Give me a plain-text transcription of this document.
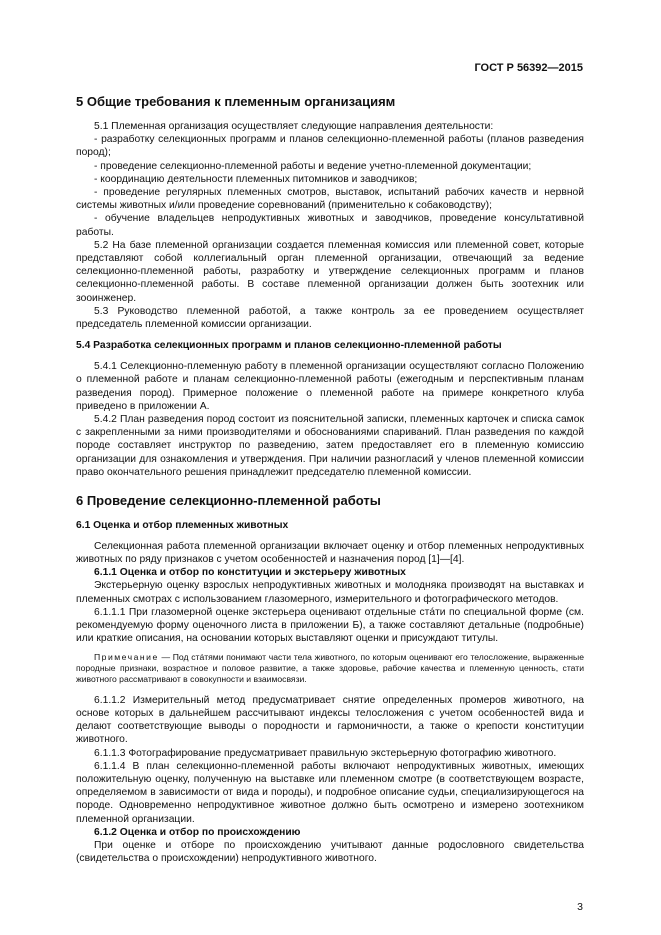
ГОСТ Р 56392—2015
5 Общие требования к племенным организациям

5.1 Племенная организация осуществляет следующие направления деятельности:

- разработку селекционных программ и планов селекционно-племенной работы (планов разведения пород);

- проведение селекционно-племенной работы и ведение учетно-племенной документации;

- координацию деятельности племенных питомников и заводчиков;

- проведение регулярных племенных смотров, выставок, испытаний рабочих качеств и нервной системы животных и/или проведение соревнований (применительно к собаководству);

- обучение владельцев непродуктивных животных и заводчиков, проведение консультативной работы.

5.2 На базе племенной организации создается племенная комиссия или племенной совет, которые представляют собой коллегиальный орган племенной организации, отвечающий за ведение селекционно-племенной работы, разработку и утверждение селекционных программ и планов селекционно-племенной работы. В составе племенной организации должен быть зоотехник или зооинженер.

5.3 Руководство племенной работой, а также контроль за ее проведением осуществляет председатель племенной комиссии организации.

5.4 Разработка селекционных программ и планов селекционно-племенной работы

5.4.1 Селекционно-племенную работу в племенной организации осуществляют согласно Положению о племенной работе и планам селекционно-племенной работы (ежегодным и перспективным планам разведения пород). Примерное положение о племенной работе на примере конкретного клуба приведено в приложении А.

5.4.2 План разведения пород состоит из пояснительной записки, племенных карточек и списка самок с закрепленными за ними производителями и обоснованиями спариваний. План разведения по каждой породе составляет инструктор по разведению, затем предоставляет его в племенную комиссию организации для ознакомления и утверждения. При наличии разногласий у членов племенной комиссии право окончательного решения принадлежит председателю племенной комиссии.

6 Проведение селекционно-племенной работы
6.1 Оценка и отбор племенных животных

Селекционная работа племенной организации включает оценку и отбор племенных непродуктивных животных по ряду признаков с учетом особенностей и назначения пород [1]—[4].

6.1.1 Оценка и отбор по конституции и экстерьеру животных

Экстерьерную оценку взрослых непродуктивных животных и молодняка производят на выставках и племенных смотрах с использованием глазомерного, измерительного и фотографического методов.

6.1.1.1 При глазомерной оценке экстерьера оценивают отдельные стáти по специальной форме (см. рекомендуемую форму оценочного листа в приложении Б), а также составляют детальные (подробные) или краткие описания, на основании которых выставляют оценки и присуждают титулы.

Примечание — Под стáтями понимают части тела животного, по которым оценивают его телосложение, выраженные породные признаки, возрастное и половое развитие, а также здоровье, рабочие качества и племенную ценность, стати животного рассматривают в совокупности и взаимосвязи.

6.1.1.2 Измерительный метод предусматривает снятие определенных промеров животного, на основе которых в дальнейшем рассчитывают индексы телосложения с учетом особенностей вида и делают соответствующие выводы о породности и гармоничности, а также о крепости конституции животного.

6.1.1.3 Фотографирование предусматривает правильную экстерьерную фотографию животного.

6.1.1.4 В план селекционно-племенной работы включают непродуктивных животных, имеющих положительную оценку, полученную на выставке или племенном смотре (в соответствующем возрасте, определяемом в зависимости от вида и породы), и подробное описание судьи, специализирующегося на породе. Одновременно непродуктивное животное должно быть осмотрено и измерено зоотехником племенной организации.

6.1.2 Оценка и отбор по происхождению

При оценке и отборе по происхождению учитывают данные родословного свидетельства (свидетельства о происхождении) непродуктивного животного.

3
